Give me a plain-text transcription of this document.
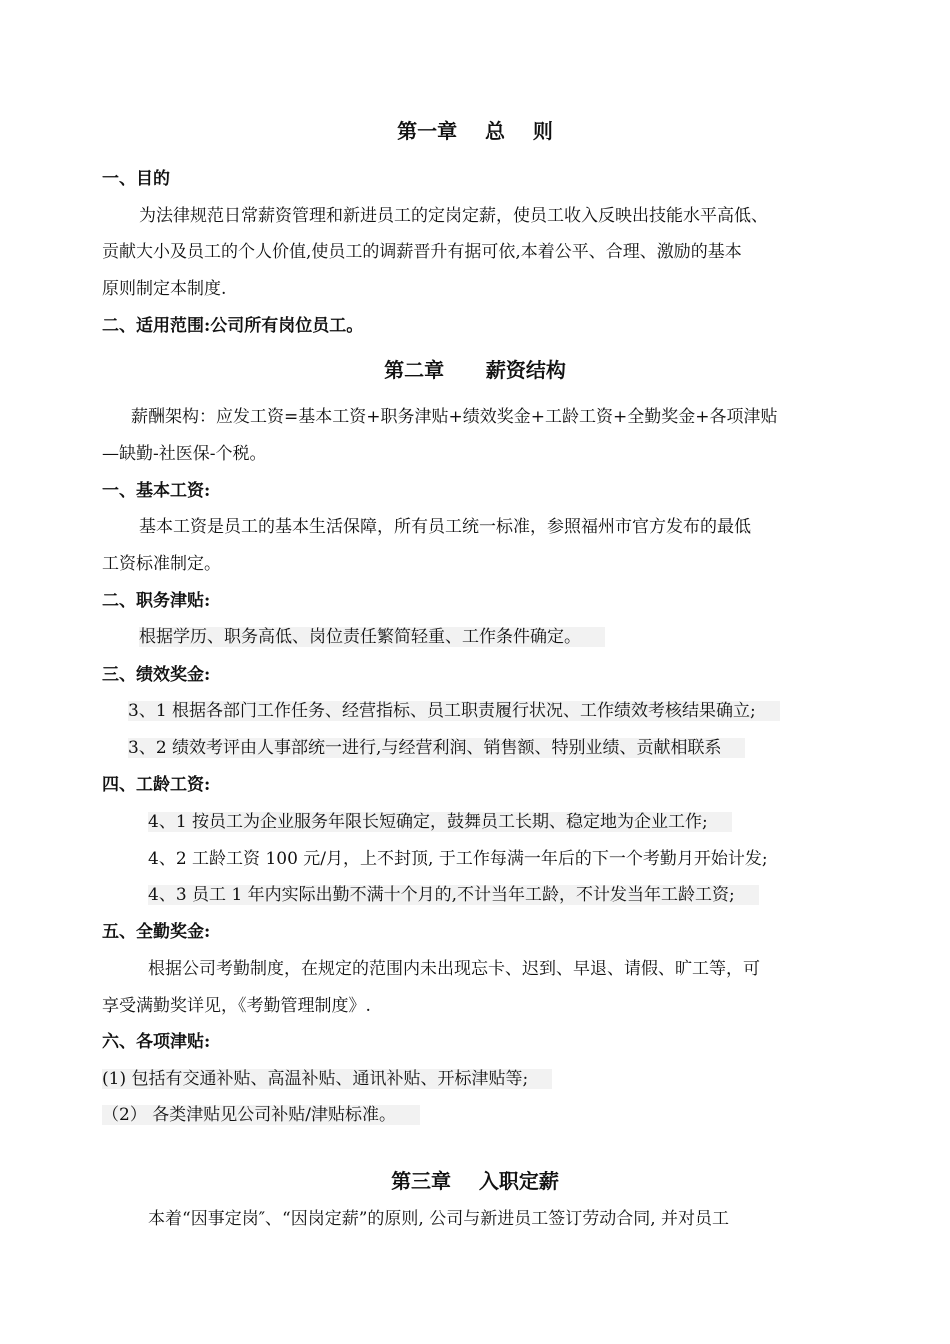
第一章    总    则
一、目的
为法律规范日常薪资管理和新进员工的定岗定薪，使员工收入反映出技能水平高低、
贡献大小及员工的个人价值,使员工的调薪晋升有据可依,本着公平、合理、激励的基本
原则制定本制度.
二、适用范围:公司所有岗位员工。
第二章      薪资结构
薪酬架构：应发工资=基本工资+职务津贴+绩效奖金+工龄工资+全勤奖金+各项津贴
—缺勤-社医保-个税。
一、基本工资:
基本工资是员工的基本生活保障，所有员工统一标准，参照福州市官方发布的最低
工资标准制定。
二、职务津贴:
根据学历、职务高低、岗位责任繁简轻重、工作条件确定。
三、绩效奖金:
3、1 根据各部门工作任务、经营指标、员工职责履行状况、工作绩效考核结果确立;
3、2 绩效考评由人事部统一进行,与经营利润、销售额、特别业绩、贡献相联系
四、工龄工资:
4、1 按员工为企业服务年限长短确定，鼓舞员工长期、稳定地为企业工作;
4、2 工龄工资 100 元/月，上不封顶, 于工作每满一年后的下一个考勤月开始计发;
4、3 员工 1 年内实际出勤不满十个月的,不计当年工龄，不计发当年工龄工资;
五、全勤奖金:
根据公司考勤制度，在规定的范围内未出现忘卡、迟到、早退、请假、旷工等，可
享受满勤奖详见，《考勤管理制度》.
六、各项津贴:
(1) 包括有交通补贴、高温补贴、通讯补贴、开标津贴等;
（2） 各类津贴见公司补贴/津贴标准。
第三章    入职定薪
本着“因事定岗″、“因岗定薪”的原则, 公司与新进员工签订劳动合同, 并对员工
